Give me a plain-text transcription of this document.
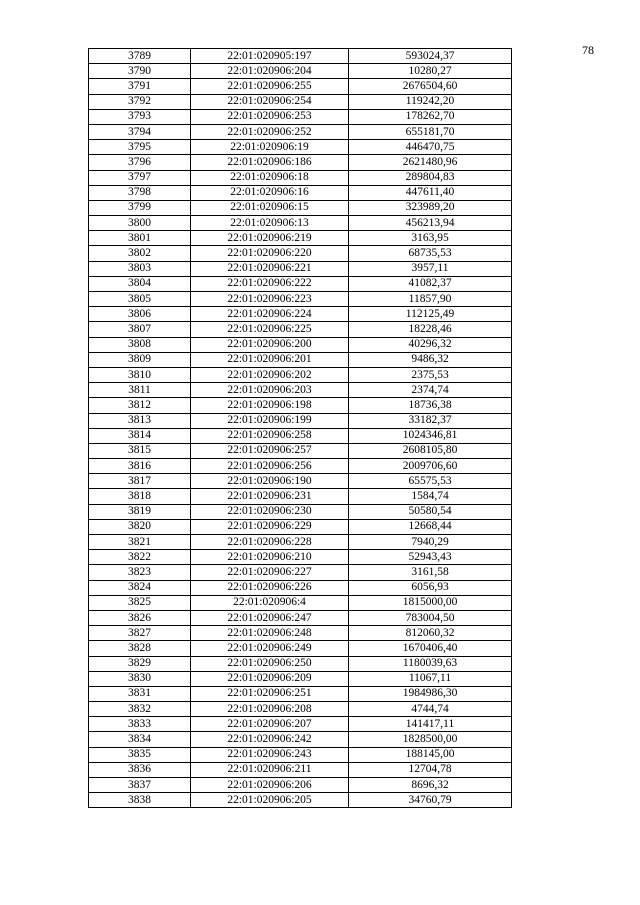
78
3789	22:01:020905:197	593024,37
3790	22:01:020906:204	10280,27
3791	22:01:020906:255	2676504,60
3792	22:01:020906:254	119242,20
3793	22:01:020906:253	178262,70
3794	22:01:020906:252	655181,70
3795	22:01:020906:19	446470,75
3796	22:01:020906:186	2621480,96
3797	22:01:020906:18	289804,83
3798	22:01:020906:16	447611,40
3799	22:01:020906:15	323989,20
3800	22:01:020906:13	456213,94
3801	22:01:020906:219	3163,95
3802	22:01:020906:220	68735,53
3803	22:01:020906:221	3957,11
3804	22:01:020906:222	41082,37
3805	22:01:020906:223	11857,90
3806	22:01:020906:224	112125,49
3807	22:01:020906:225	18228,46
3808	22:01:020906:200	40296,32
3809	22:01:020906:201	9486,32
3810	22:01:020906:202	2375,53
3811	22:01:020906:203	2374,74
3812	22:01:020906:198	18736,38
3813	22:01:020906:199	33182,37
3814	22:01:020906:258	1024346,81
3815	22:01:020906:257	2608105,80
3816	22:01:020906:256	2009706,60
3817	22:01:020906:190	65575,53
3818	22:01:020906:231	1584,74
3819	22:01:020906:230	50580,54
3820	22:01:020906:229	12668,44
3821	22:01:020906:228	7940,29
3822	22:01:020906:210	52943,43
3823	22:01:020906:227	3161,58
3824	22:01:020906:226	6056,93
3825	22:01:020906:4	1815000,00
3826	22:01:020906:247	783004,50
3827	22:01:020906:248	812060,32
3828	22:01:020906:249	1670406,40
3829	22:01:020906:250	1180039,63
3830	22:01:020906:209	11067,11
3831	22:01:020906:251	1984986,30
3832	22:01:020906:208	4744,74
3833	22:01:020906:207	141417,11
3834	22:01:020906:242	1828500,00
3835	22:01:020906:243	188145,00
3836	22:01:020906:211	12704,78
3837	22:01:020906:206	8696,32
3838	22:01:020906:205	34760,79
